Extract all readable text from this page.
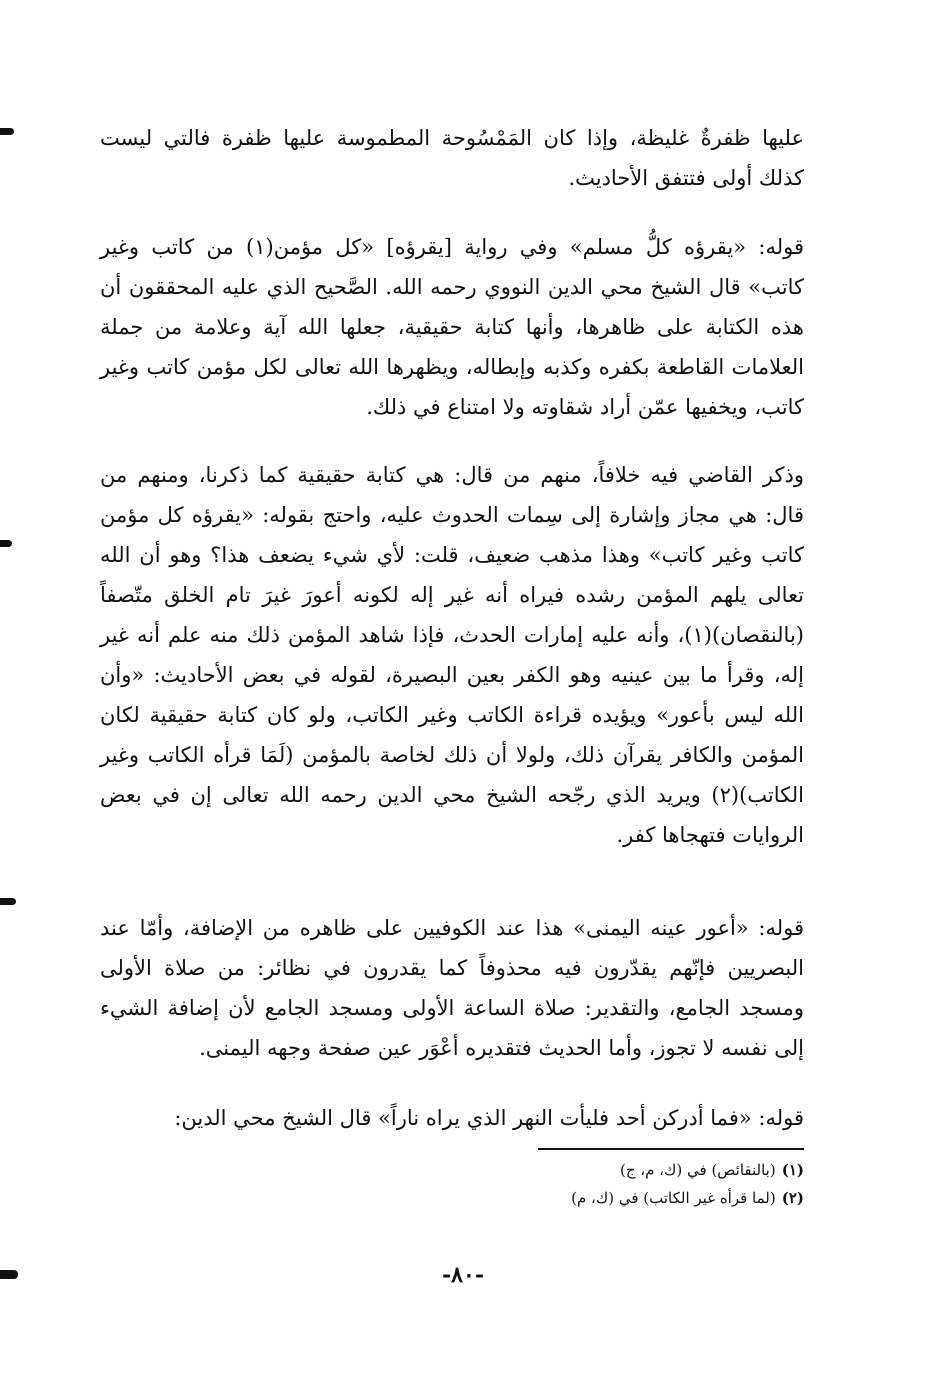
عليها ظفرةٌ غليظة، وإذا كان المَمْسُوحة المطموسة عليها ظفرة فالتي ليست كذلك أولى فتتفق الأحاديث.

قوله: «يقرؤه كلُّ مسلم» وفي رواية [يقرؤه] «كل مؤمن(١) من كاتب وغير كاتب» قال الشيخ محي الدين النووي رحمه الله. الصَّحيح الذي عليه المحققون أن هذه الكتابة على ظاهرها، وأنها كتابة حقيقية، جعلها الله آية وعلامة من جملة العلامات القاطعة بكفره وكذبه وإبطاله، ويظهرها الله تعالى لكل مؤمن كاتب وغير كاتب، ويخفيها عمّن أراد شقاوته ولا امتناع في ذلك.

وذكر القاضي فيه خلافاً، منهم من قال: هي كتابة حقيقية كما ذكرنا، ومنهم من قال: هي مجاز وإشارة إلى سِمات الحدوث عليه، واحتج بقوله: «يقرؤه كل مؤمن كاتب وغير كاتب» وهذا مذهب ضعيف، قلت: لأي شيء يضعف هذا؟ وهو أن الله تعالى يلهم المؤمن رشده فيراه أنه غير إله لكونه أعورَ غيرَ تام الخلق متّصفاً (بالنقصان)(١)، وأنه عليه إمارات الحدث، فإذا شاهد المؤمن ذلك منه علم أنه غير إله، وقرأ ما بين عينيه وهو الكفر بعين البصيرة، لقوله في بعض الأحاديث: «وأن الله ليس بأعور» ويؤيده قراءة الكاتب وغير الكاتب، ولو كان كتابة حقيقية لكان المؤمن والكافر يقرآن ذلك، ولولا أن ذلك لخاصة بالمؤمن (لَمَا قرأه الكاتب وغير الكاتب)(٢) ويريد الذي رجّحه الشيخ محي الدين رحمه الله تعالى إن في بعض الروايات فتهجاها كفر.

قوله: «أعور عينه اليمنى» هذا عند الكوفيين على ظاهره من الإضافة، وأمّا عند البصريين فإنّهم يقدّرون فيه محذوفاً كما يقدرون في نظائر: من صلاة الأولى ومسجد الجامع، والتقدير: صلاة الساعة الأولى ومسجد الجامع لأن إضافة الشيء إلى نفسه لا تجوز، وأما الحديث فتقديره أعْوَر عين صفحة وجهه اليمنى.

قوله: «فما أدركن أحد فليأت النهر الذي يراه ناراً» قال الشيخ محي الدين:

(١)(بالنقائص) في (ك، م، ج)
(٢)(لما قرأه غير الكاتب) في (ك، م)
-٨٠-
